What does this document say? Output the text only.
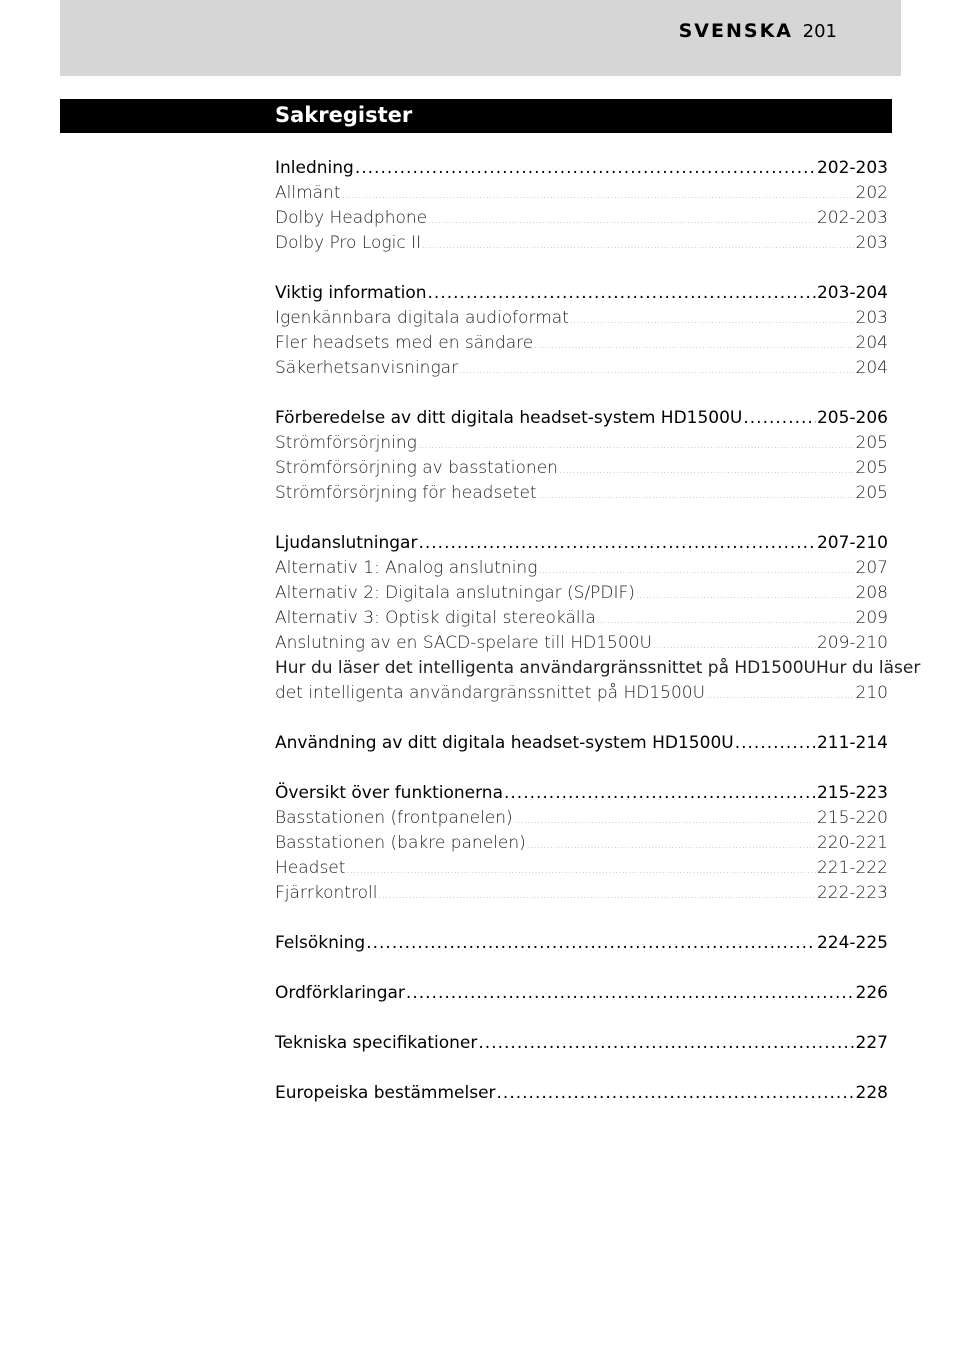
SVENSKA 201
Sakregister
Inledning .....	202-203
Allmänt .....	202
Dolby Headphone .....	202-203
Dolby Pro Logic II .....	203
Viktig information .....	203-204
Igenkännbara digitala audioformat .....	203
Fler headsets med en sändare .....	204
Säkerhetsanvisningar .....	204
Förberedelse av ditt digitala headset-system HD1500U .....	205-206
Strömförsörjning .....	205
Strömförsörjning av basstationen .....	205
Strömförsörjning för headsetet .....	205
Ljudanslutningar .....	207-210
Alternativ 1: Analog anslutning .....	207
Alternativ 2: Digitala anslutningar (S/PDIF) .....	208
Alternativ 3: Optisk digital stereokälla .....	209
Anslutning av en SACD-spelare till HD1500U .....	209-210
Hur du läser det intelligenta användargränssnittet på HD1500UHur du läser
det intelligenta användargränssnittet på HD1500U .....	210
Användning av ditt digitala headset-system HD1500U .....	211-214
Översikt över funktionerna .....	215-223
Basstationen (frontpanelen) .....	215-220
Basstationen (bakre panelen) .....	220-221
Headset .....	221-222
Fjärrkontroll .....	222-223
Felsökning .....	224-225
Ordförklaringar .....	226
Tekniska specifikationer .....	227
Europeiska bestämmelser .....	228
